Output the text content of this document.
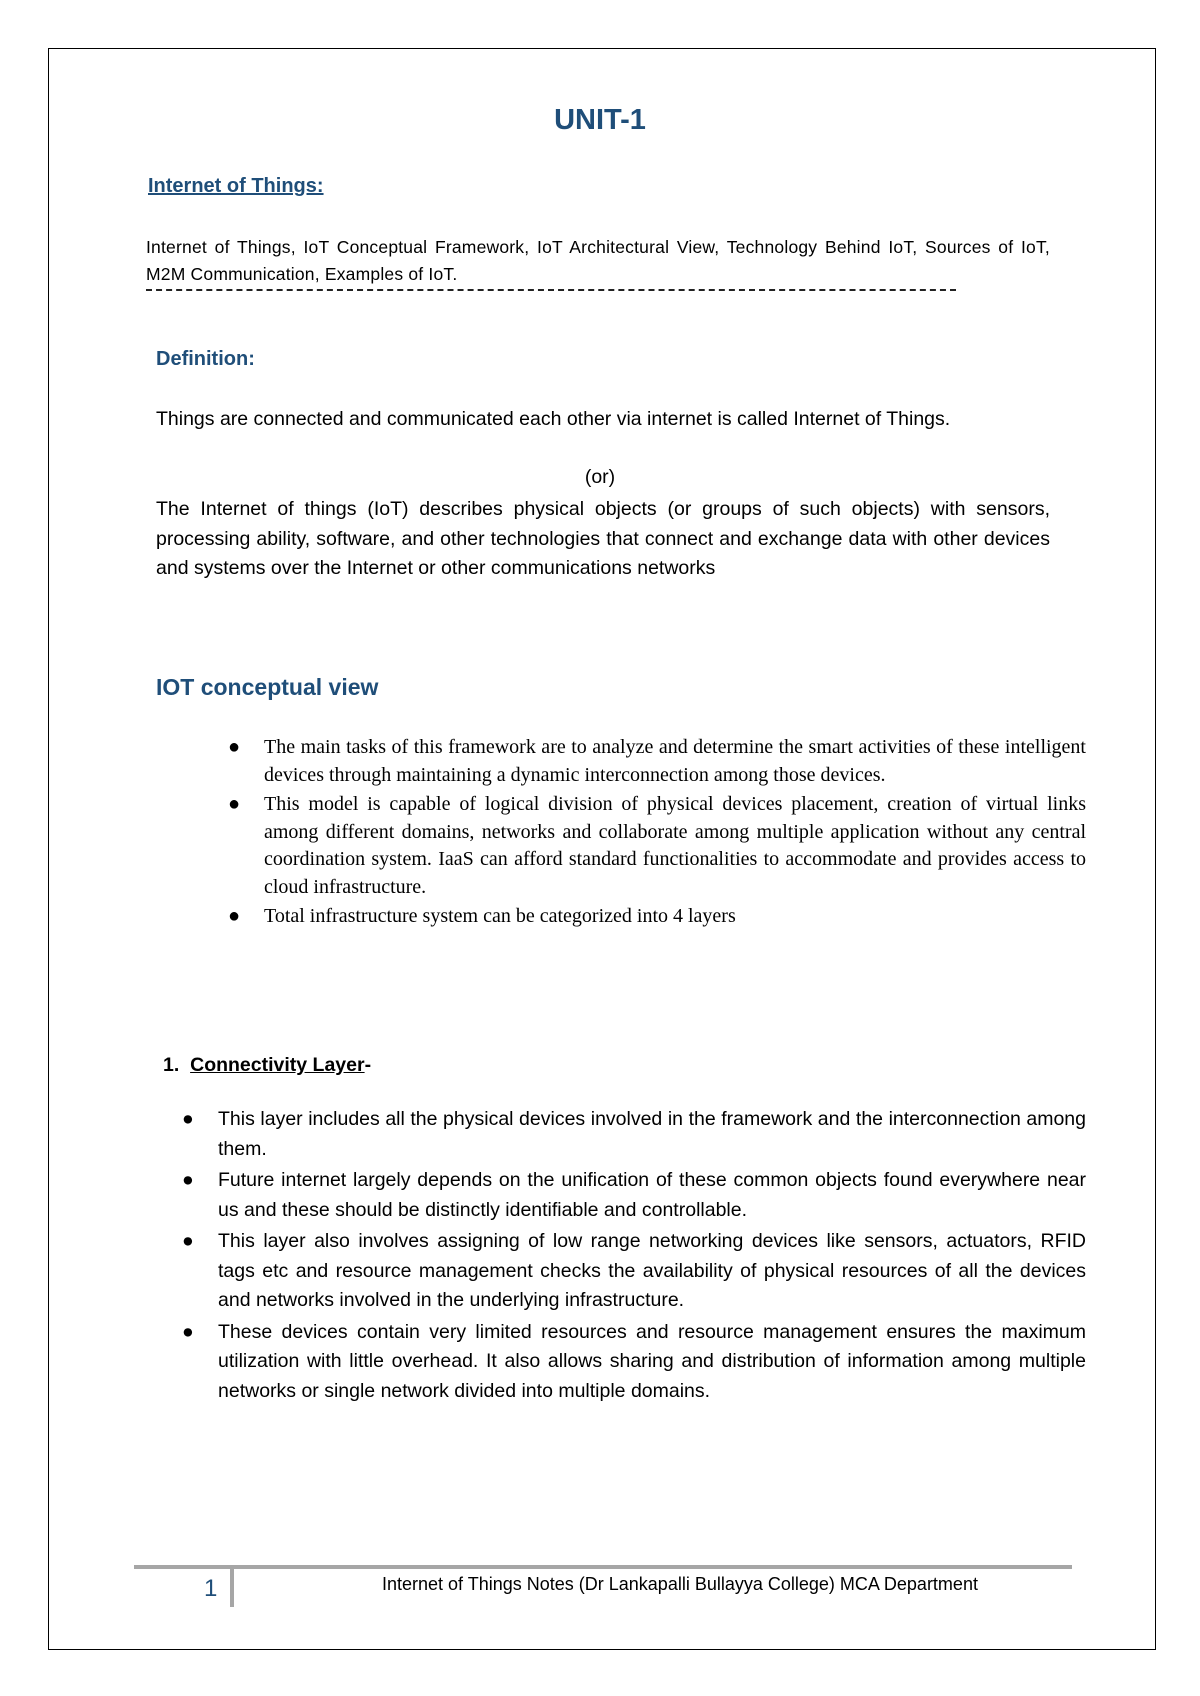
UNIT-1
Internet of Things:
Internet of Things, IoT Conceptual Framework, IoT Architectural View, Technology Behind IoT, Sources of IoT, M2M Communication, Examples of IoT.
Definition:
Things are connected and communicated each other via internet is called Internet of Things.
(or)
The Internet of things (IoT) describes physical objects (or groups of such objects) with sensors, processing ability, software, and other technologies that connect and exchange data with other devices and systems over the Internet or other communications networks
IOT conceptual view
● The main tasks of this framework are to analyze and determine the smart activities of these intelligent devices through maintaining a dynamic interconnection among those devices.
● This model is capable of logical division of physical devices placement, creation of virtual links among different domains, networks and collaborate among multiple application without any central coordination system. IaaS can afford standard functionalities to accommodate and provides access to cloud infrastructure.
● Total infrastructure system can be categorized into 4 layers
1. Connectivity Layer-
● This layer includes all the physical devices involved in the framework and the interconnection among them.
● Future internet largely depends on the unification of these common objects found everywhere near us and these should be distinctly identifiable and controllable.
● This layer also involves assigning of low range networking devices like sensors, actuators, RFID tags etc and resource management checks the availability of physical resources of all the devices and networks involved in the underlying infrastructure.
● These devices contain very limited resources and resource management ensures the maximum utilization with little overhead. It also allows sharing and distribution of information among multiple networks or single network divided into multiple domains.
1	Internet of Things Notes (Dr Lankapalli Bullayya College) MCA Department
